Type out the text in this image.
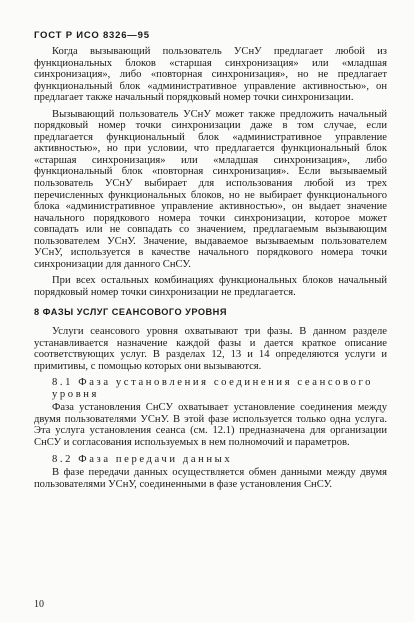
ГОСТ Р ИСО 8326—95

Когда вызывающий пользователь УСнУ предлагает любой из функциональных блоков «старшая синхронизация» или «младшая синхронизация», либо «повторная синхронизация», но не предлагает функциональный блок «административное управление активностью», он предлагает также начальный порядковый номер точки синхронизации.

Вызывающий пользователь УСнУ может также предложить начальный порядковый номер точки синхронизации даже в том случае, если предлагается функциональный блок «административное управление активностью», но при условии, что предлагается функциональный блок «старшая синхронизация» или «младшая синхронизация», либо функциональный блок «повторная синхронизация». Если вызываемый пользователь УСнУ выбирает для использования любой из трех перечисленных функциональных блоков, но не выбирает функционального блока «административное управление активностью», он выдает значение начального порядкового номера точки синхронизации, которое может совпадать или не совпадать со значением, предлагаемым вызывающим пользователем УСнУ. Значение, выдаваемое вызываемым пользователем УСнУ, используется в качестве начального порядкового номера точки синхронизации для данного СнСУ.

При всех остальных комбинациях функциональных блоков начальный порядковый номер точки синхронизации не предлагается.

8 ФАЗЫ УСЛУГ СЕАНСОВОГО УРОВНЯ

Услуги сеансового уровня охватывают три фазы. В данном разделе устанавливается назначение каждой фазы и дается краткое описание соответствующих услуг. В разделах 12, 13 и 14 определяются услуги и примитивы, с помощью которых они вызываются.

8.1 Фаза установления соединения сеансового уровня

Фаза установления СнСУ охватывает установление соединения между двумя пользователями УСнУ. В этой фазе используется только одна услуга. Эта услуга установления сеанса (см. 12.1) предназначена для организации СнСУ и согласования используемых в нем полномочий и параметров.

8.2 Фаза передачи данных

В фазе передачи данных осуществляется обмен данными между двумя пользователями УСнУ, соединенными в фазе установления СнСУ.

10
